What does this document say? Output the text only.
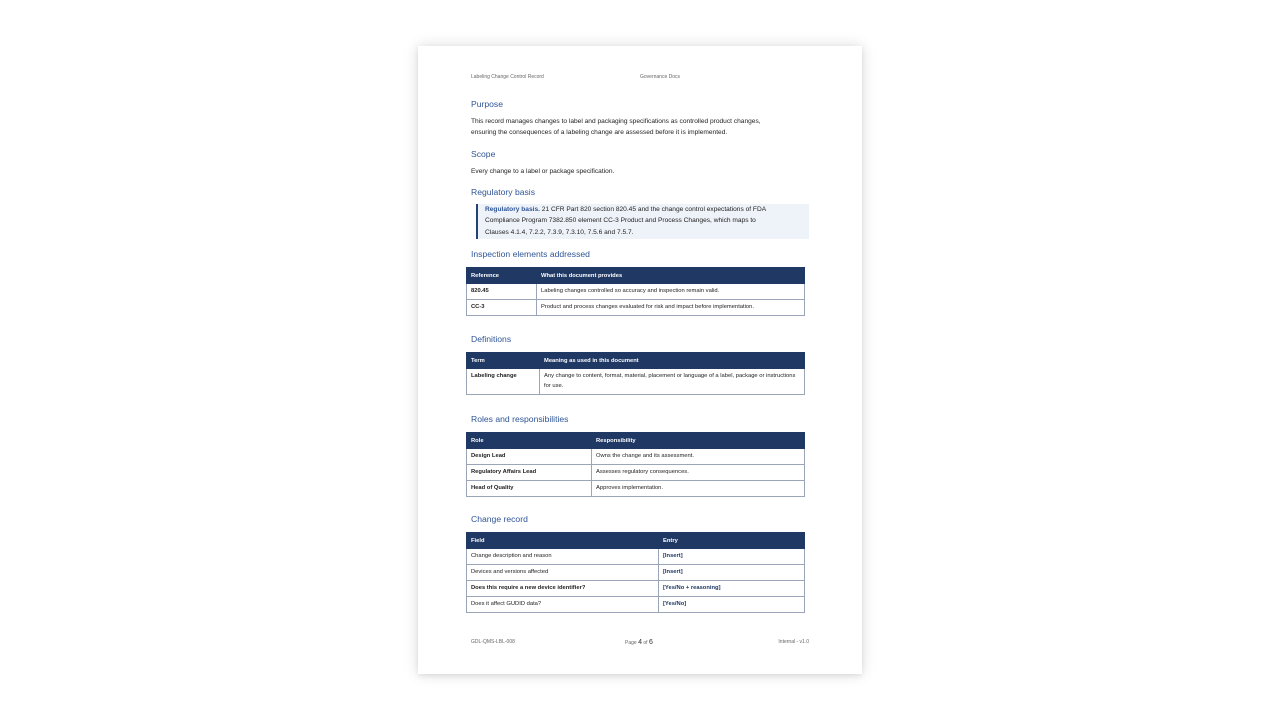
Labeling Change Control Record	Governance Docs
Purpose
This record manages changes to label and packaging specifications as controlled product changes,
ensuring the consequences of a labeling change are assessed before it is implemented.
Scope
Every change to a label or package specification.
Regulatory basis
Regulatory basis. 21 CFR Part 820 section 820.45 and the change control expectations of FDA
Compliance Program 7382.850 element CC-3 Product and Process Changes, which maps to
Clauses 4.1.4, 7.2.2, 7.3.9, 7.3.10, 7.5.6 and 7.5.7.
Inspection elements addressed
Reference	What this document provides
820.45	Labeling changes controlled so accuracy and inspection remain valid.
CC-3	Product and process changes evaluated for risk and impact before implementation.
Definitions
Term	Meaning as used in this document
Labeling change	Any change to content, format, material, placement or language of a label, package or instructions for use.
Roles and responsibilities
Role	Responsibility
Design Lead	Owns the change and its assessment.
Regulatory Affairs Lead	Assesses regulatory consequences.
Head of Quality	Approves implementation.
Change record
Field	Entry
Change description and reason	[Insert]
Devices and versions affected	[Insert]
Does this require a new device identifier?	[Yes/No + reasoning]
Does it affect GUDID data?	[Yes/No]
GDL-QMS-LBL-008	Page 4 of 6	Internal - v1.0
